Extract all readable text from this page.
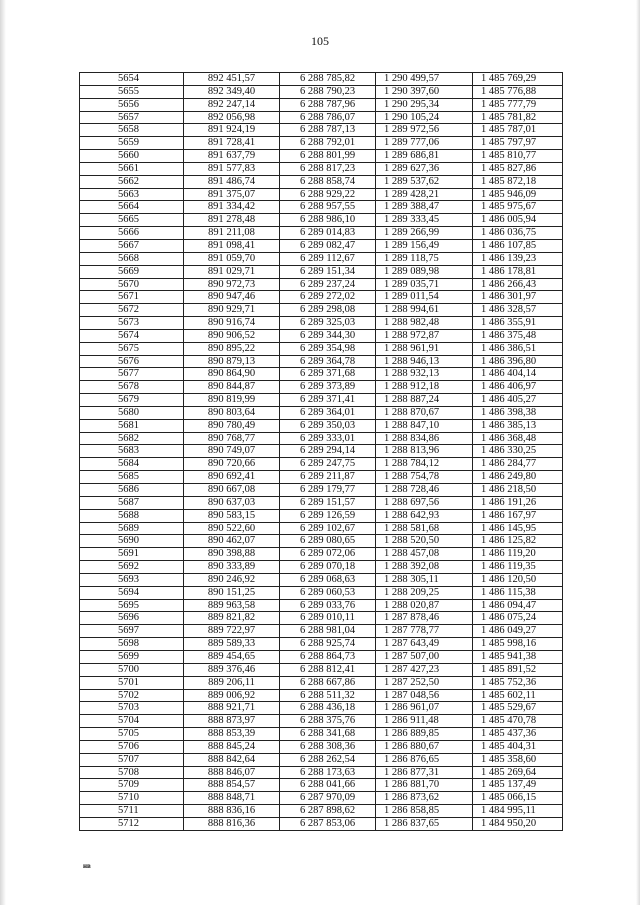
105
5654	892 451,57	6 288 785,82	1 290 499,57	1 485 769,29
5655	892 349,40	6 288 790,23	1 290 397,60	1 485 776,88
5656	892 247,14	6 288 787,96	1 290 295,34	1 485 777,79
5657	892 056,98	6 288 786,07	1 290 105,24	1 485 781,82
5658	891 924,19	6 288 787,13	1 289 972,56	1 485 787,01
5659	891 728,41	6 288 792,01	1 289 777,06	1 485 797,97
5660	891 637,79	6 288 801,99	1 289 686,81	1 485 810,77
5661	891 577,83	6 288 817,23	1 289 627,36	1 485 827,86
5662	891 486,74	6 288 858,74	1 289 537,62	1 485 872,18
5663	891 375,07	6 288 929,22	1 289 428,21	1 485 946,09
5664	891 334,42	6 288 957,55	1 289 388,47	1 485 975,67
5665	891 278,48	6 288 986,10	1 289 333,45	1 486 005,94
5666	891 211,08	6 289 014,83	1 289 266,99	1 486 036,75
5667	891 098,41	6 289 082,47	1 289 156,49	1 486 107,85
5668	891 059,70	6 289 112,67	1 289 118,75	1 486 139,23
5669	891 029,71	6 289 151,34	1 289 089,98	1 486 178,81
5670	890 972,73	6 289 237,24	1 289 035,71	1 486 266,43
5671	890 947,46	6 289 272,02	1 289 011,54	1 486 301,97
5672	890 929,71	6 289 298,08	1 288 994,61	1 486 328,57
5673	890 916,74	6 289 325,03	1 288 982,48	1 486 355,91
5674	890 906,52	6 289 344,30	1 288 972,87	1 486 375,48
5675	890 895,22	6 289 354,98	1 288 961,91	1 486 386,51
5676	890 879,13	6 289 364,78	1 288 946,13	1 486 396,80
5677	890 864,90	6 289 371,68	1 288 932,13	1 486 404,14
5678	890 844,87	6 289 373,89	1 288 912,18	1 486 406,97
5679	890 819,99	6 289 371,41	1 288 887,24	1 486 405,27
5680	890 803,64	6 289 364,01	1 288 870,67	1 486 398,38
5681	890 780,49	6 289 350,03	1 288 847,10	1 486 385,13
5682	890 768,77	6 289 333,01	1 288 834,86	1 486 368,48
5683	890 749,07	6 289 294,14	1 288 813,96	1 486 330,25
5684	890 720,66	6 289 247,75	1 288 784,12	1 486 284,77
5685	890 692,41	6 289 211,87	1 288 754,78	1 486 249,80
5686	890 667,08	6 289 179,77	1 288 728,46	1 486 218,50
5687	890 637,03	6 289 151,57	1 288 697,56	1 486 191,26
5688	890 583,15	6 289 126,59	1 288 642,93	1 486 167,97
5689	890 522,60	6 289 102,67	1 288 581,68	1 486 145,95
5690	890 462,07	6 289 080,65	1 288 520,50	1 486 125,82
5691	890 398,88	6 289 072,06	1 288 457,08	1 486 119,20
5692	890 333,89	6 289 070,18	1 288 392,08	1 486 119,35
5693	890 246,92	6 289 068,63	1 288 305,11	1 486 120,50
5694	890 151,25	6 289 060,53	1 288 209,25	1 486 115,38
5695	889 963,58	6 289 033,76	1 288 020,87	1 486 094,47
5696	889 821,82	6 289 010,11	1 287 878,46	1 486 075,24
5697	889 722,97	6 288 981,04	1 287 778,77	1 486 049,27
5698	889 589,33	6 288 925,74	1 287 643,49	1 485 998,16
5699	889 454,65	6 288 864,73	1 287 507,00	1 485 941,38
5700	889 376,46	6 288 812,41	1 287 427,23	1 485 891,52
5701	889 206,11	6 288 667,86	1 287 252,50	1 485 752,36
5702	889 006,92	6 288 511,32	1 287 048,56	1 485 602,11
5703	888 921,71	6 288 436,18	1 286 961,07	1 485 529,67
5704	888 873,97	6 288 375,76	1 286 911,48	1 485 470,78
5705	888 853,39	6 288 341,68	1 286 889,85	1 485 437,36
5706	888 845,24	6 288 308,36	1 286 880,67	1 485 404,31
5707	888 842,64	6 288 262,54	1 286 876,65	1 485 358,60
5708	888 846,07	6 288 173,63	1 286 877,31	1 485 269,64
5709	888 854,57	6 288 041,66	1 286 881,70	1 485 137,49
5710	888 848,71	6 287 970,09	1 286 873,62	1 485 066,15
5711	888 836,16	6 287 898,62	1 286 858,85	1 484 995,11
5712	888 816,36	6 287 853,06	1 286 837,65	1 484 950,20
нв
